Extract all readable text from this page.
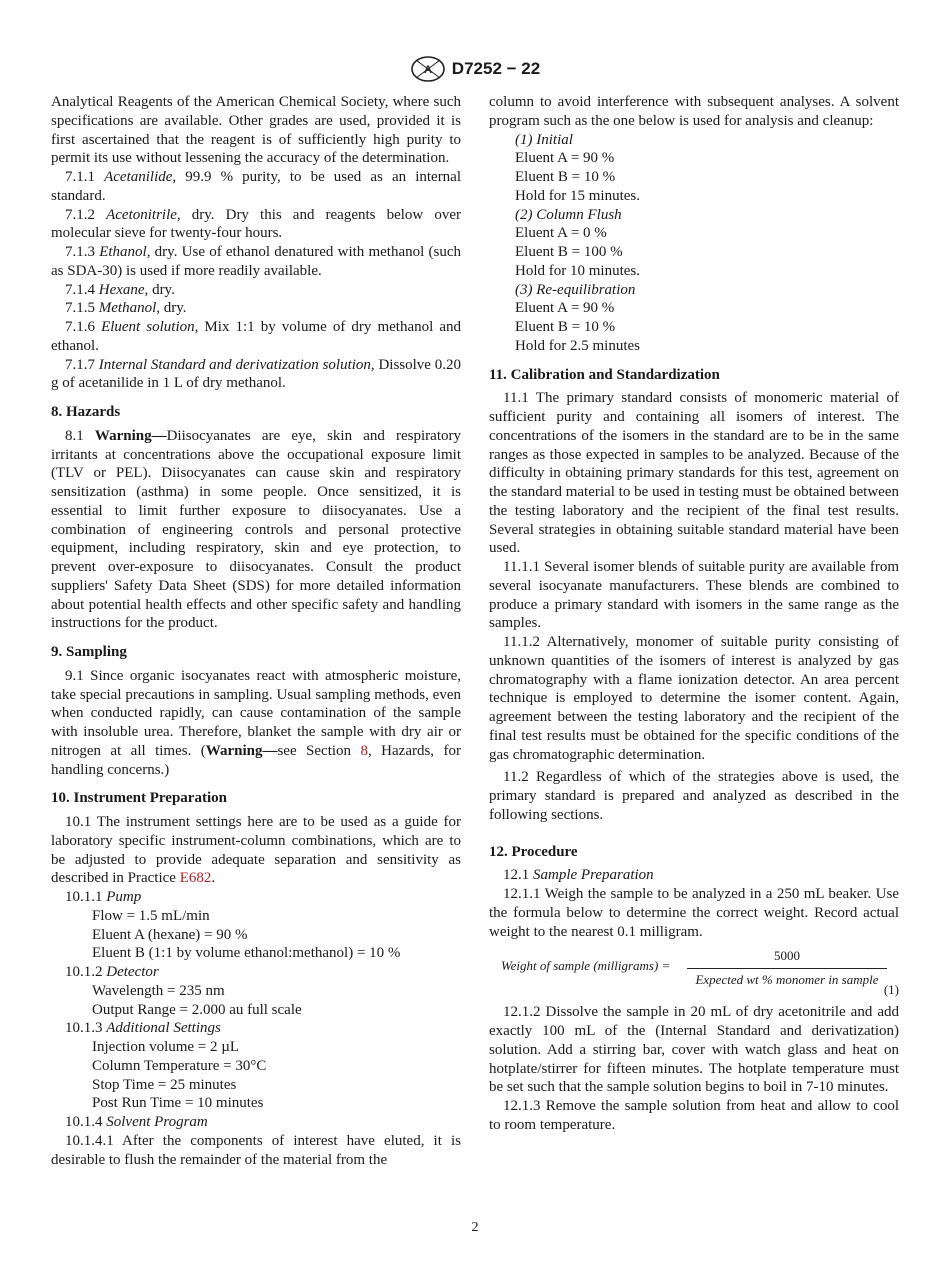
A D7252 − 22

Analytical Reagents of the American Chemical Society, where such specifications are available. Other grades are used, provided it is first ascertained that the reagent is of sufficiently high purity to permit its use without lessening the accuracy of the determination.

7.1.1 Acetanilide, 99.9 % purity, to be used as an internal standard.

7.1.2 Acetonitrile, dry. Dry this and reagents below over molecular sieve for twenty-four hours.

7.1.3 Ethanol, dry. Use of ethanol denatured with methanol (such as SDA-30) is used if more readily available.

7.1.4 Hexane, dry.

7.1.5 Methanol, dry.

7.1.6 Eluent solution, Mix 1:1 by volume of dry methanol and ethanol.

7.1.7 Internal Standard and derivatization solution, Dissolve 0.20 g of acetanilide in 1 L of dry methanol.

8. Hazards

8.1 Warning—Diisocyanates are eye, skin and respiratory irritants at concentrations above the occupational exposure limit (TLV or PEL). Diisocyanates can cause skin and respiratory sensitization (asthma) in some people. Once sensitized, it is essential to limit further exposure to diisocyanates. Use a combination of engineering controls and personal protective equipment, including respiratory, skin and eye protection, to prevent over-exposure to diisocyanates. Consult the product suppliers' Safety Data Sheet (SDS) for more detailed information about potential health effects and other specific safety and handling instructions for the product.

9. Sampling

9.1 Since organic isocyanates react with atmospheric moisture, take special precautions in sampling. Usual sampling methods, even when conducted rapidly, can cause contamination of the sample with insoluble urea. Therefore, blanket the sample with dry air or nitrogen at all times. (Warning—see Section 8, Hazards, for handling concerns.)

10. Instrument Preparation

10.1 The instrument settings here are to be used as a guide for laboratory specific instrument-column combinations, which are to be adjusted to provide adequate separation and sensitivity as described in Practice E682.

10.1.1 Pump

Flow = 1.5 mL/min

Eluent A (hexane) = 90 %

Eluent B (1:1 by volume ethanol:methanol) = 10 %

10.1.2 Detector

Wavelength = 235 nm

Output Range = 2.000 au full scale

10.1.3 Additional Settings

Injection volume = 2 µL

Column Temperature = 30°C

Stop Time = 25 minutes

Post Run Time = 10 minutes

10.1.4 Solvent Program

10.1.4.1 After the components of interest have eluted, it is desirable to flush the remainder of the material from the

column to avoid interference with subsequent analyses. A solvent program such as the one below is used for analysis and cleanup:

(1) Initial

Eluent A = 90 %

Eluent B = 10 %

Hold for 15 minutes.

(2) Column Flush

Eluent A = 0 %

Eluent B = 100 %

Hold for 10 minutes.

(3) Re-equilibration

Eluent A = 90 %

Eluent B = 10 %

Hold for 2.5 minutes

11. Calibration and Standardization

11.1 The primary standard consists of monomeric material of sufficient purity and containing all isomers of interest. The concentrations of the isomers in the standard are to be in the same ranges as those expected in samples to be analyzed. Because of the difficulty in obtaining primary standards for this test, agreement on the standard material to be used in testing must be obtained between the testing laboratory and the recipient of the final test results. Several strategies in obtaining suitable standard material have been used.

11.1.1 Several isomer blends of suitable purity are available from several isocyanate manufacturers. These blends are combined to produce a primary standard with isomers in the same range as the samples.

11.1.2 Alternatively, monomer of suitable purity consisting of unknown quantities of the isomers of interest is analyzed by gas chromatography with a flame ionization detector. An area percent technique is employed to determine the isomer content. Again, agreement between the testing laboratory and the recipient of the final test results must be obtained for the specific conditions of the gas chromatographic determination.

11.2 Regardless of which of the strategies above is used, the primary standard is prepared and analyzed as described in the following sections.

12. Procedure

12.1 Sample Preparation

12.1.1 Weigh the sample to be analyzed in a 250 mL beaker. Use the formula below to determine the correct weight. Record actual weight to the nearest 0.1 milligram.

Weight of sample (milligrams) =
5000
Expected wt % monomer in sample
(1)

12.1.2 Dissolve the sample in 20 mL of dry acetonitrile and add exactly 100 mL of the (Internal Standard and derivatization) solution. Add a stirring bar, cover with watch glass and heat on hotplate/stirrer for fifteen minutes. The hotplate temperature must be set such that the sample solution begins to boil in 7-10 minutes.

12.1.3 Remove the sample solution from heat and allow to cool to room temperature.

2
